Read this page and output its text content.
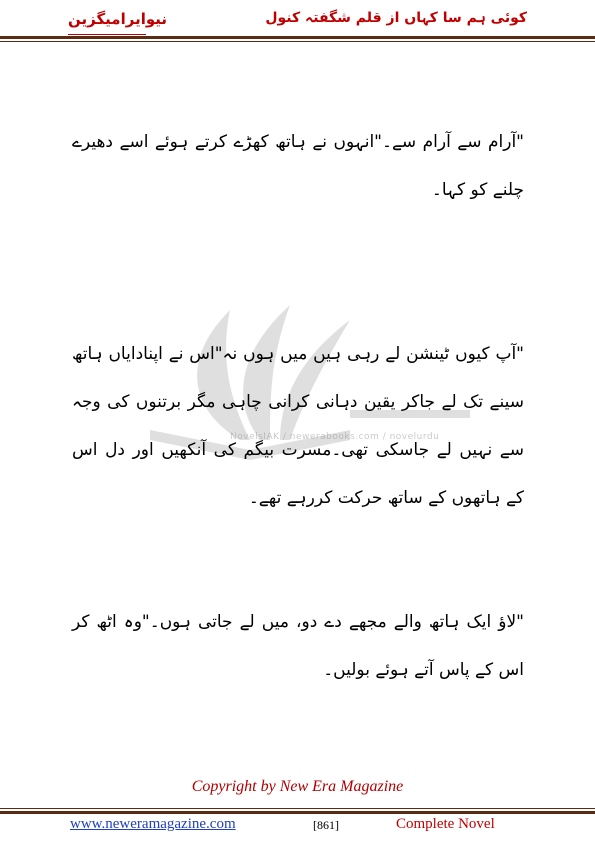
نیوایرامیگزین	کوئی ہم سا کہاں از قلم شگفتہ کنول
NovelsIAK / newerabooks.com / novelurdu
"آرام سے آرام سے۔"انہوں نے ہاتھ کھڑے کرتے ہوئے اسے دھیرے چلنے کو کہا۔
"آپ کیوں ٹینشن لے رہی ہیں میں ہوں نہ"اس نے اپنادایاں ہاتھ سینے تک لے جاکر یقین دہانی کرانی چاہی مگر برتنوں کی وجہ سے نہیں لے جاسکی تھی۔مسرت بیگم کی آنکھیں اور دل اس کے ہاتھوں کے ساتھ حرکت کررہے تھے۔
"لاؤ ایک ہاتھ والے مجھے دے دو، میں لے جاتی ہوں۔"وہ اٹھ کر اس کے پاس آتے ہوئے بولیں۔
Copyright by New Era Magazine
www.neweramagazine.com	[861]	Complete Novel
